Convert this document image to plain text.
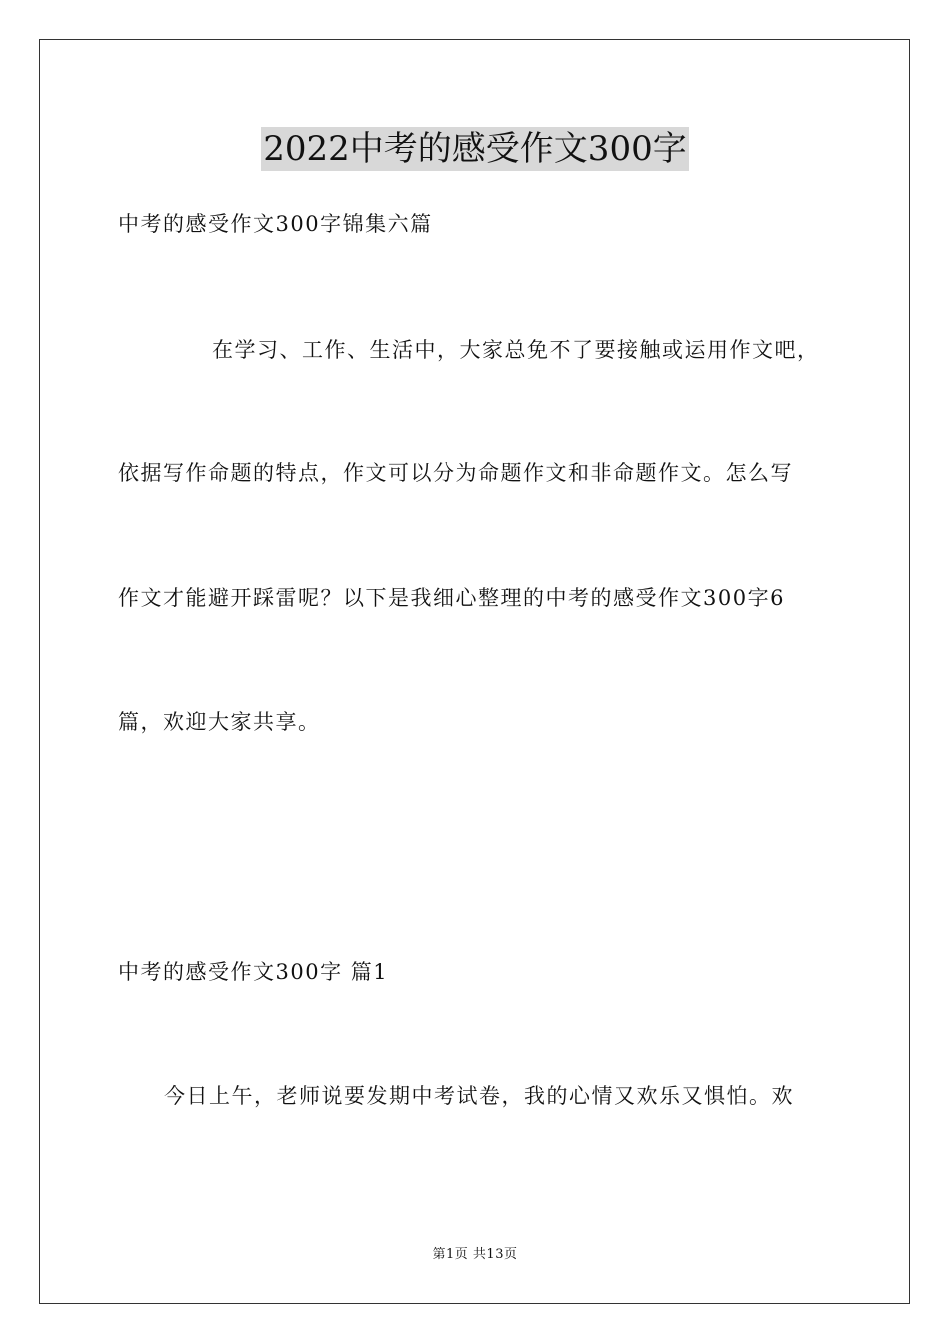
2022中考的感受作文300字
中考的感受作文300字锦集六篇
在学习、工作、生活中，大家总免不了要接触或运用作文吧，
依据写作命题的特点，作文可以分为命题作文和非命题作文。怎么写
作文才能避开踩雷呢？以下是我细心整理的中考的感受作文300字6
篇，欢迎大家共享。
中考的感受作文300字 篇1
今日上午，老师说要发期中考试卷，我的心情又欢乐又惧怕。欢
第1页 共13页
